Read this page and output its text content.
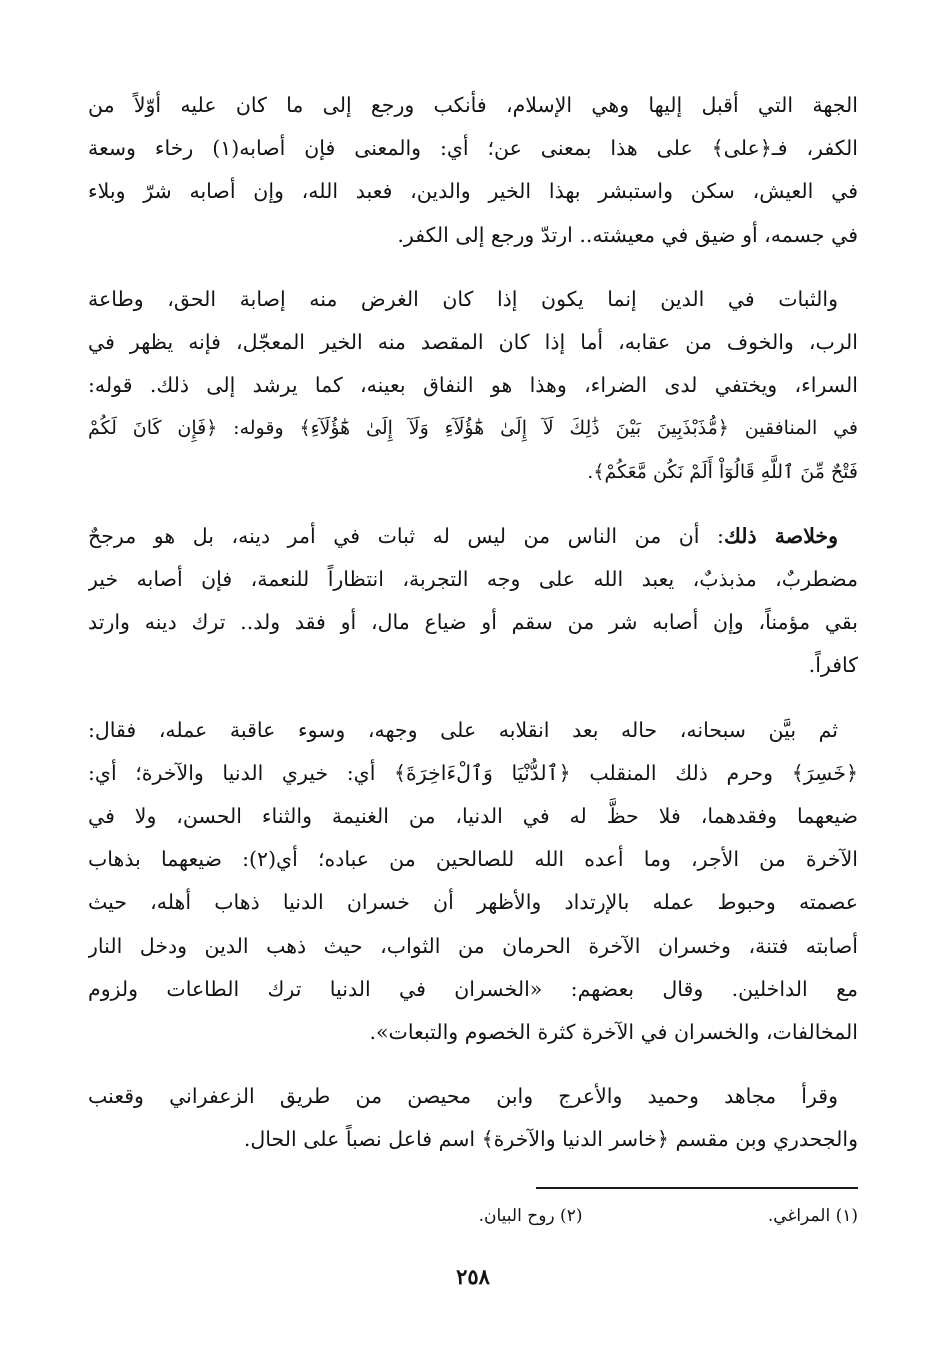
الجهة التي أقبل إليها وهي الإسلام، فأنكب ورجع إلى ما كان عليه أوّلاً من
الكفر، فـ﴿على﴾ على هذا بمعنى عن؛ أي: والمعنى فإن أصابه(١) رخاء وسعة
في العيش، سكن واستبشر بهذا الخير والدين، فعبد الله، وإن أصابه شرّ وبلاء
في جسمه، أو ضيق في معيشته.. ارتدّ ورجع إلى الكفر.

والثبات في الدين إنما يكون إذا كان الغرض منه إصابة الحق، وطاعة
الرب، والخوف من عقابه، أما إذا كان المقصد منه الخير المعجّل، فإنه يظهر في
السراء، ويختفي لدى الضراء، وهذا هو النفاق بعينه، كما يرشد إلى ذلك. قوله:
في المنافقين ﴿مُّذَبْذَبِينَ بَيْنَ ذَٰلِكَ لَآ إِلَىٰ هَٰٓؤُلَآءِ وَلَآ إِلَىٰ هَٰٓؤُلَآءِ﴾ وقوله: ﴿فَإِن كَانَ لَكُمْ
فَتْحٌ مِّنَ ٱللَّهِ قَالُوٓاْ أَلَمْ نَكُن مَّعَكُمْ﴾.

وخلاصة ذلك: أن من الناس من ليس له ثبات في أمر دينه، بل هو مرجحٌ
مضطربٌ، مذبذبٌ، يعبد الله على وجه التجربة، انتظاراً للنعمة، فإن أصابه خير
بقي مؤمناً، وإن أصابه شر من سقم أو ضياع مال، أو فقد ولد.. ترك دينه وارتد
كافراً.

ثم بيَّن سبحانه، حاله بعد انقلابه على وجهه، وسوء عاقبة عمله، فقال:
﴿خَسِرَ﴾ وحرم ذلك المنقلب ﴿ٱلدُّنْيَا وَٱلْءَاخِرَةَ﴾ أي: خيري الدنيا والآخرة؛ أي:
ضيعهما وفقدهما، فلا حظَّ له في الدنيا، من الغنيمة والثناء الحسن، ولا في
الآخرة من الأجر، وما أعده الله للصالحين من عباده؛ أي(٢): ضيعهما بذهاب
عصمته وحبوط عمله بالإرتداد والأظهر أن خسران الدنيا ذهاب أهله، حيث
أصابته فتنة، وخسران الآخرة الحرمان من الثواب، حيث ذهب الدين ودخل النار
مع الداخلين. وقال بعضهم: «الخسران في الدنيا ترك الطاعات ولزوم
المخالفات، والخسران في الآخرة كثرة الخصوم والتبعات».

وقرأ مجاهد وحميد والأعرج وابن محيصن من طريق الزعفراني وقعنب
والجحدري وبن مقسم ﴿خاسر الدنيا والآخرة﴾ اسم فاعل نصباً على الحال.

(١) المراغي. (٢) روح البيان.
٢٥٨
